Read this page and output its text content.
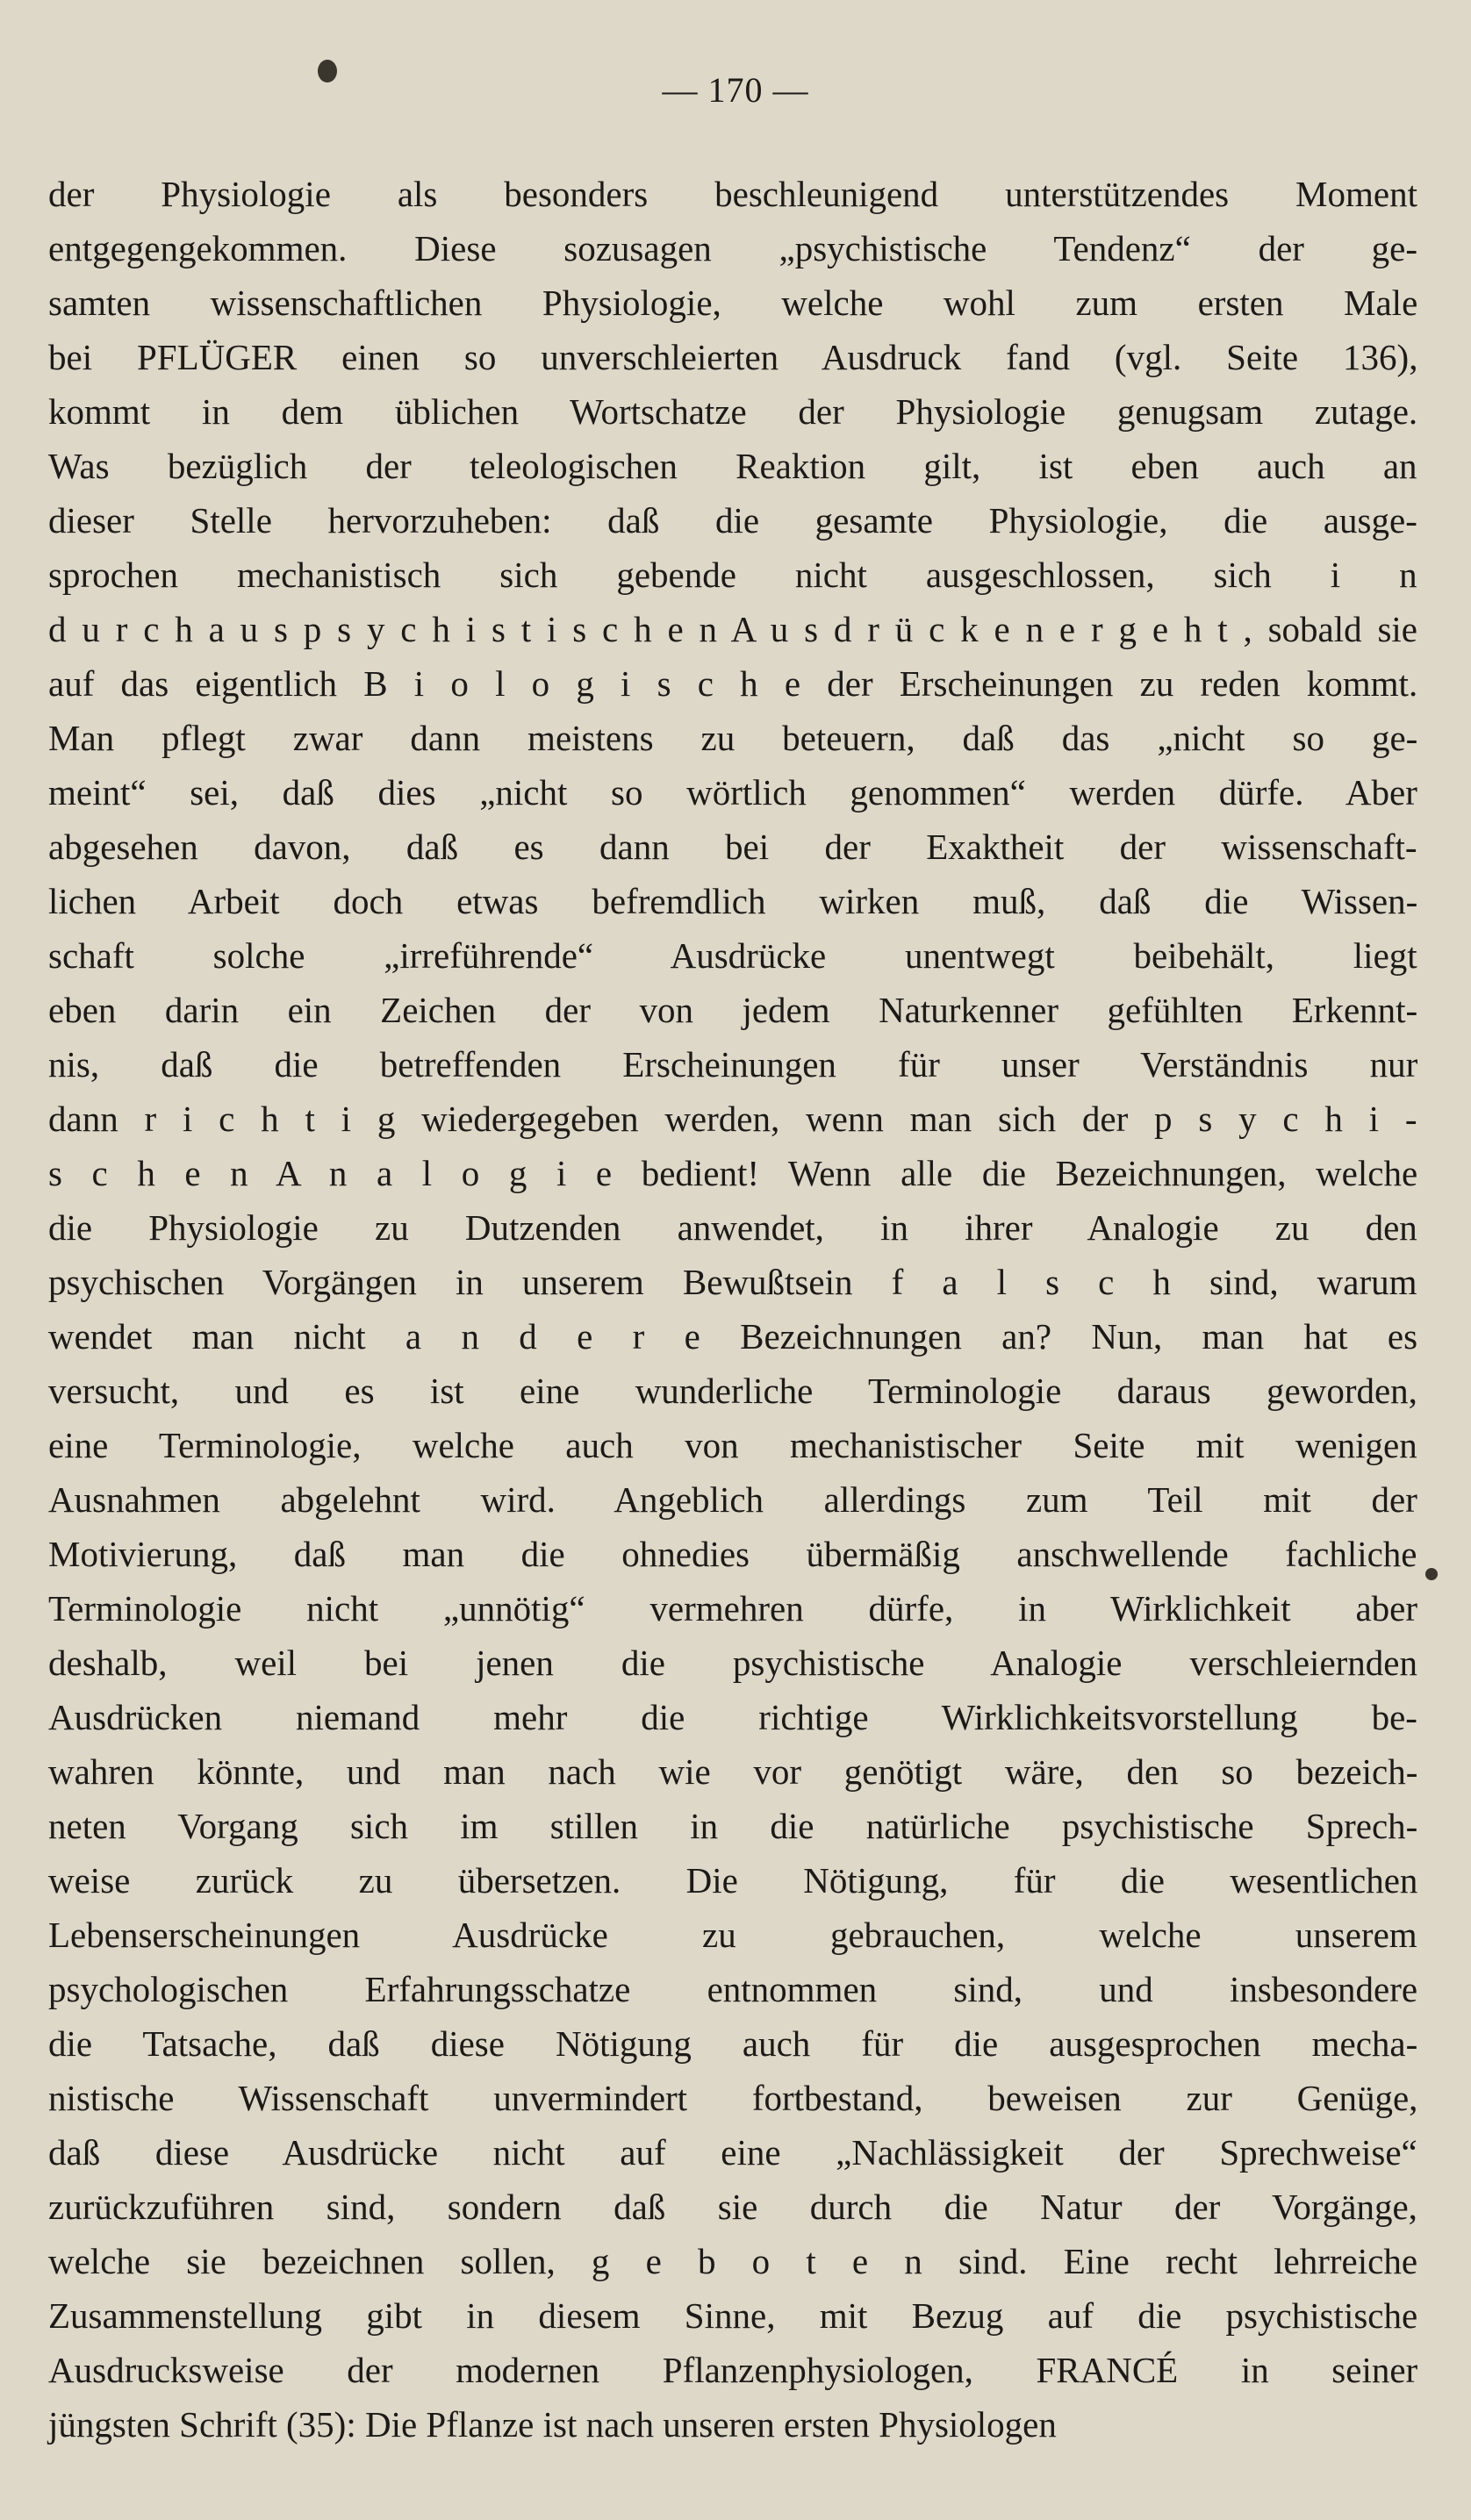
— 170 —
der Physiologie als besonders beschleunigend unterstützendes Moment
entgegengekommen. Diese sozusagen „psychistische Tendenz“ der ge-
samten wissenschaftlichen Physiologie, welche wohl zum ersten Male
bei PFLÜGER einen so unverschleierten Ausdruck fand (vgl. Seite 136),
kommt in dem üblichen Wortschatze der Physiologie genugsam zutage.
Was bezüglich der teleologischen Reaktion gilt, ist eben auch an
dieser Stelle hervorzuheben: daß die gesamte Physiologie, die ausge-
sprochen mechanistisch sich gebende nicht ausgeschlossen, sich i n
d u r c h a u s p s y c h i s t i s c h e n A u s d r ü c k e n e r g e h t , sobald sie
auf das eigentlich B i o l o g i s c h e der Erscheinungen zu reden kommt.
Man pflegt zwar dann meistens zu beteuern, daß das „nicht so ge-
meint“ sei, daß dies „nicht so wörtlich genommen“ werden dürfe. Aber
abgesehen davon, daß es dann bei der Exaktheit der wissenschaft-
lichen Arbeit doch etwas befremdlich wirken muß, daß die Wissen-
schaft solche „irreführende“ Ausdrücke unentwegt beibehält, liegt
eben darin ein Zeichen der von jedem Naturkenner gefühlten Erkennt-
nis, daß die betreffenden Erscheinungen für unser Verständnis nur
dann r i c h t i g wiedergegeben werden, wenn man sich der p s y c h i -
s c h e n A n a l o g i e bedient! Wenn alle die Bezeichnungen, welche
die Physiologie zu Dutzenden anwendet, in ihrer Analogie zu den
psychischen Vorgängen in unserem Bewußtsein f a l s c h sind, warum
wendet man nicht a n d e r e Bezeichnungen an? Nun, man hat es
versucht, und es ist eine wunderliche Terminologie daraus geworden,
eine Terminologie, welche auch von mechanistischer Seite mit wenigen
Ausnahmen abgelehnt wird. Angeblich allerdings zum Teil mit der
Motivierung, daß man die ohnedies übermäßig anschwellende fachliche
Terminologie nicht „unnötig“ vermehren dürfe, in Wirklichkeit aber
deshalb, weil bei jenen die psychistische Analogie verschleiernden
Ausdrücken niemand mehr die richtige Wirklichkeitsvorstellung be-
wahren könnte, und man nach wie vor genötigt wäre, den so bezeich-
neten Vorgang sich im stillen in die natürliche psychistische Sprech-
weise zurück zu übersetzen. Die Nötigung, für die wesentlichen
Lebenserscheinungen Ausdrücke zu gebrauchen, welche unserem
psychologischen Erfahrungsschatze entnommen sind, und insbesondere
die Tatsache, daß diese Nötigung auch für die ausgesprochen mecha-
nistische Wissenschaft unvermindert fortbestand, beweisen zur Genüge,
daß diese Ausdrücke nicht auf eine „Nachlässigkeit der Sprechweise“
zurückzuführen sind, sondern daß sie durch die Natur der Vorgänge,
welche sie bezeichnen sollen, g e b o t e n sind. Eine recht lehrreiche
Zusammenstellung gibt in diesem Sinne, mit Bezug auf die psychistische
Ausdrucksweise der modernen Pflanzenphysiologen, FRANCÉ in seiner
jüngsten Schrift (35): Die Pflanze ist nach unseren ersten Physiologen
